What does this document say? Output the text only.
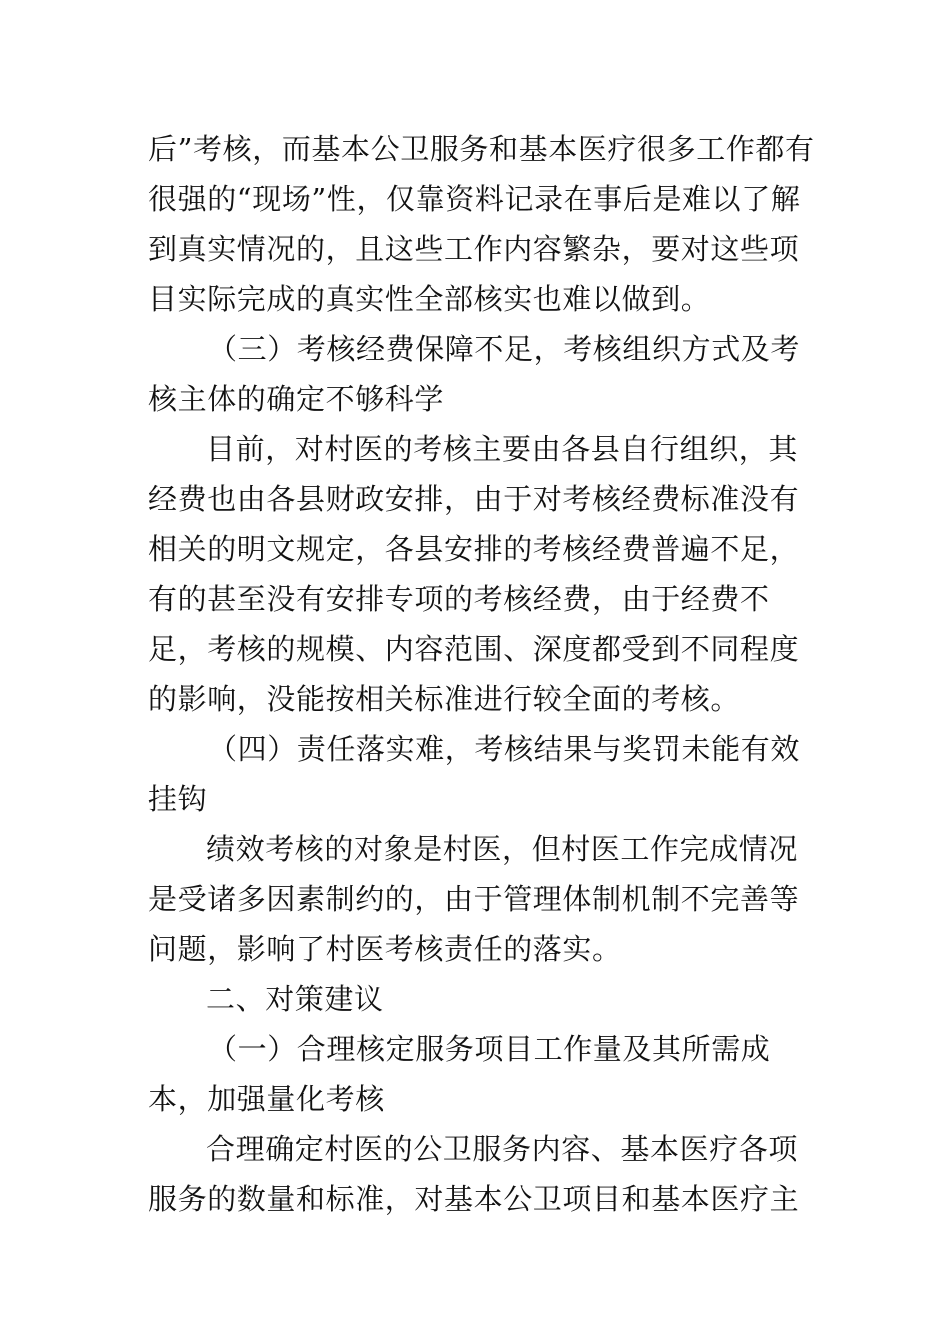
后”考核，而基本公卫服务和基本医疗很多工作都有
很强的“现场”性，仅靠资料记录在事后是难以了解
到真实情况的，且这些工作内容繁杂，要对这些项
目实际完成的真实性全部核实也难以做到。
（三）考核经费保障不足，考核组织方式及考
核主体的确定不够科学
目前，对村医的考核主要由各县自行组织，其
经费也由各县财政安排，由于对考核经费标准没有
相关的明文规定，各县安排的考核经费普遍不足，
有的甚至没有安排专项的考核经费，由于经费不
足，考核的规模、内容范围、深度都受到不同程度
的影响，没能按相关标准进行较全面的考核。
（四）责任落实难，考核结果与奖罚未能有效
挂钩
绩效考核的对象是村医，但村医工作完成情况
是受诸多因素制约的，由于管理体制机制不完善等
问题，影响了村医考核责任的落实。
二、对策建议
（一）合理核定服务项目工作量及其所需成
本，加强量化考核
合理确定村医的公卫服务内容、基本医疗各项
服务的数量和标准，对基本公卫项目和基本医疗主
